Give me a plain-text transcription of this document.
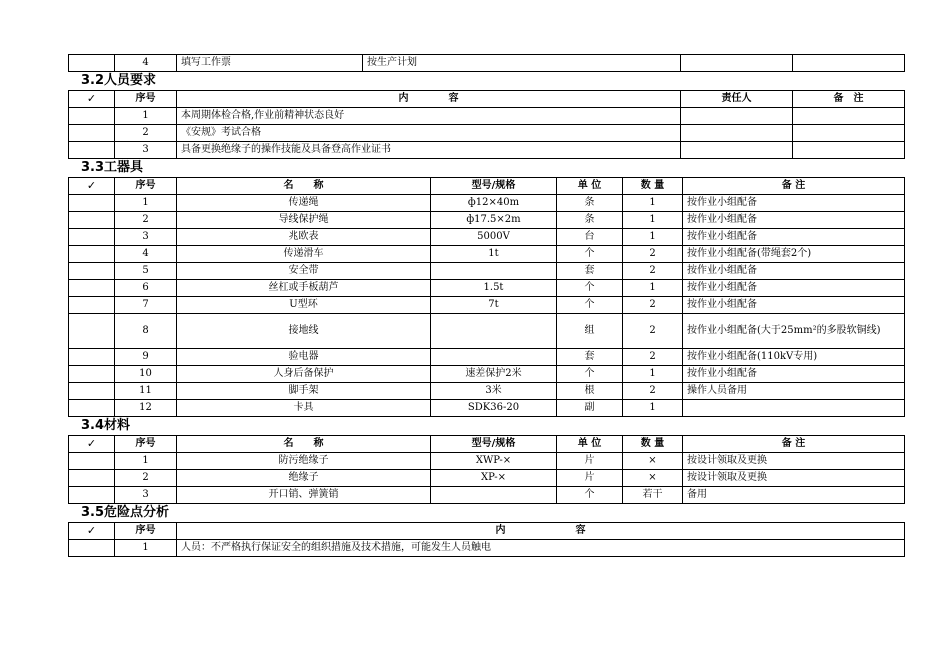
	4	填写工作票	按生产计划		
3.2人员要求
✓	序号	内　　　　容	责任人	备　注
	1	本周期体检合格,作业前精神状态良好		
	2	《安规》考试合格		
	3	具备更换绝缘子的操作技能及具备登高作业证书		
3.3工器具
✓	序号	名　　称	型号/规格	单 位	数 量	备 注
	1	传递绳	ф12×40m	条	1	按作业小组配备
	2	导线保护绳	ф17.5×2m	条	1	按作业小组配备
	3	兆欧表	5000V	台	1	按作业小组配备
	4	传递滑车	1t	个	2	按作业小组配备(带绳套2个)
	5	安全带		套	2	按作业小组配备
	6	丝杠或手板葫芦	1.5t	个	1	按作业小组配备
	7	U型环	7t	个	2	按作业小组配备
	8	接地线		组	2	按作业小组配备(大于25mm²的多股软铜线)
	9	验电器		套	2	按作业小组配备(110kV专用)
	10	人身后备保护	速差保护2米	个	1	按作业小组配备
	11	脚手架	3米	根	2	操作人员备用
	12	卡具	SDK36-20	副	1	
3.4材料
✓	序号	名　　称	型号/规格	单 位	数 量	备 注
	1	防污绝缘子	XWP-×	片	×	按设计领取及更换
	2	绝缘子	XP-×	片	×	按设计领取及更换
	3	开口销、弹簧销		个	若干	备用
3.5危险点分析
✓	序号	内　　　　　　　容
	1	人员：不严格执行保证安全的组织措施及技术措施，可能发生人员触电
